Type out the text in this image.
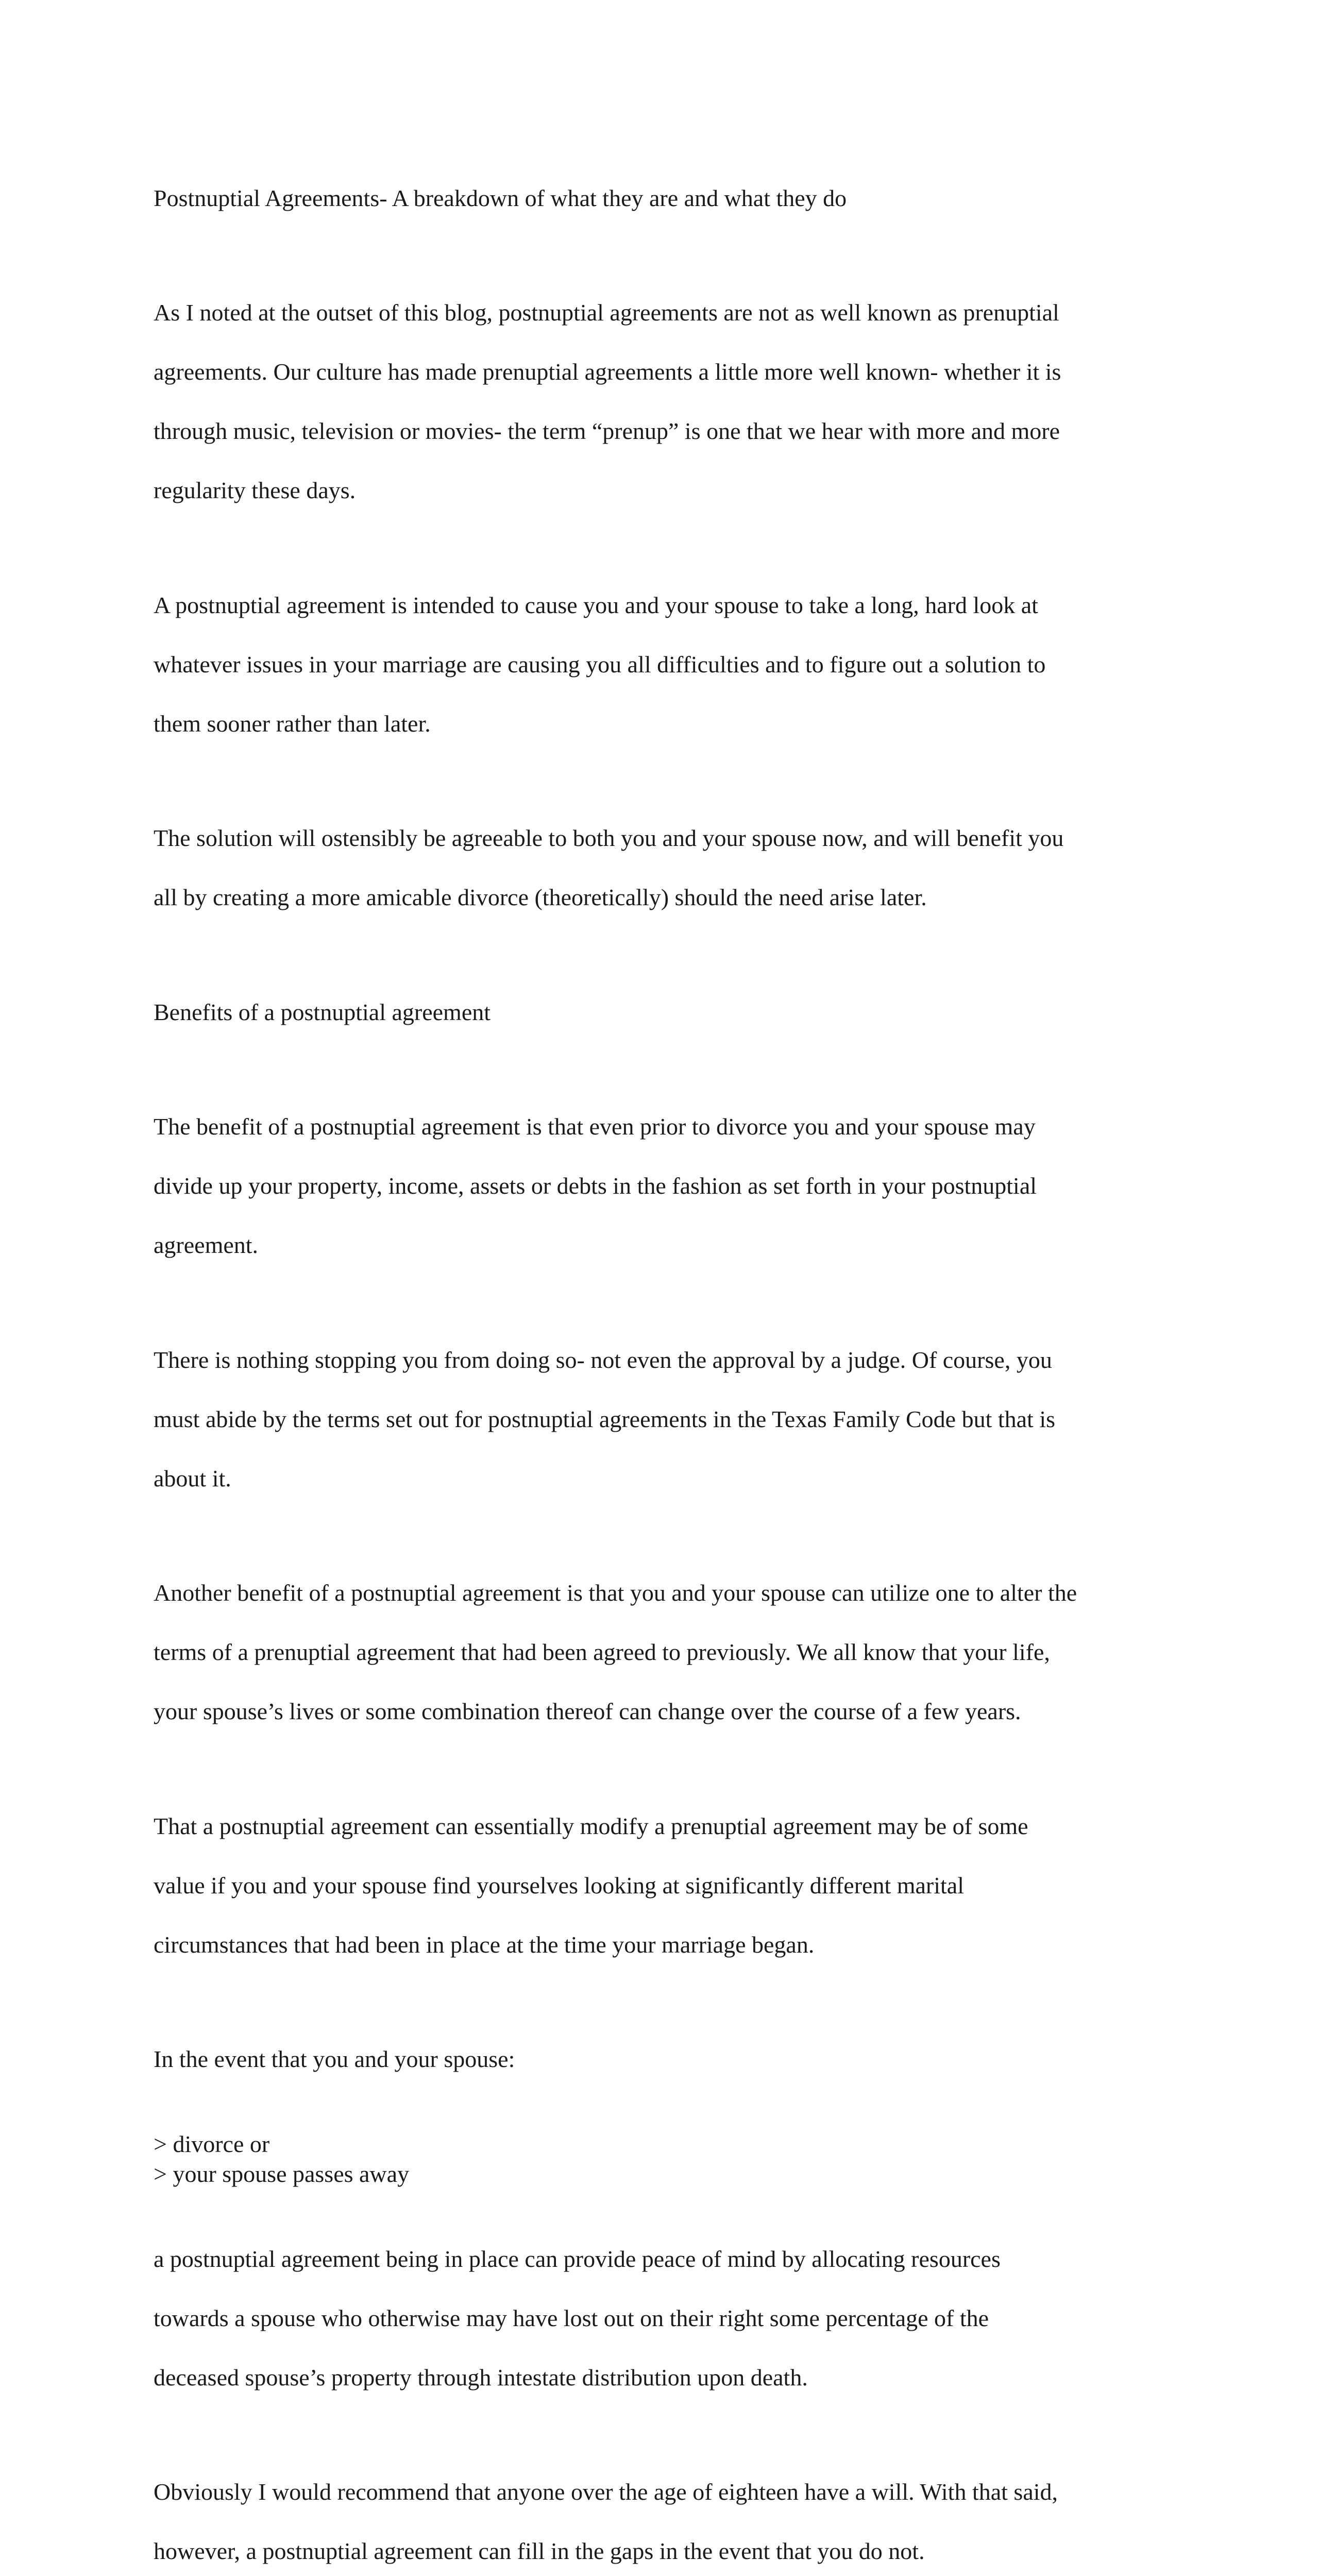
Postnuptial Agreements- A breakdown of what they are and what they do

As I noted at the outset of this blog, postnuptial agreements are not as well known as prenuptial

agreements. Our culture has made prenuptial agreements a little more well known- whether it is

through music, television or movies- the term “prenup” is one that we hear with more and more

regularity these days.

A postnuptial agreement is intended to cause you and your spouse to take a long, hard look at

whatever issues in your marriage are causing you all difficulties and to figure out a solution to

them sooner rather than later.

The solution will ostensibly be agreeable to both you and your spouse now, and will benefit you

all by creating a more amicable divorce (theoretically) should the need arise later.

Benefits of a postnuptial agreement

The benefit of a postnuptial agreement is that even prior to divorce you and your spouse may

divide up your property, income, assets or debts in the fashion as set forth in your postnuptial

agreement.

There is nothing stopping you from doing so- not even the approval by a judge. Of course, you

must abide by the terms set out for postnuptial agreements in the Texas Family Code but that is

about it.

Another benefit of a postnuptial agreement is that you and your spouse can utilize one to alter the

terms of a prenuptial agreement that had been agreed to previously. We all know that your life,

your spouse’s lives or some combination thereof can change over the course of a few years.

That a postnuptial agreement can essentially modify a prenuptial agreement may be of some

value if you and your spouse find yourselves looking at significantly different marital

circumstances that had been in place at the time your marriage began.

In the event that you and your spouse:

> divorce or
> your spouse passes away

a postnuptial agreement being in place can provide peace of mind by allocating resources

towards a spouse who otherwise may have lost out on their right some percentage of the

deceased spouse’s property through intestate distribution upon death.

Obviously I would recommend that anyone over the age of eighteen have a will. With that said,

however, a postnuptial agreement can fill in the gaps in the event that you do not.
